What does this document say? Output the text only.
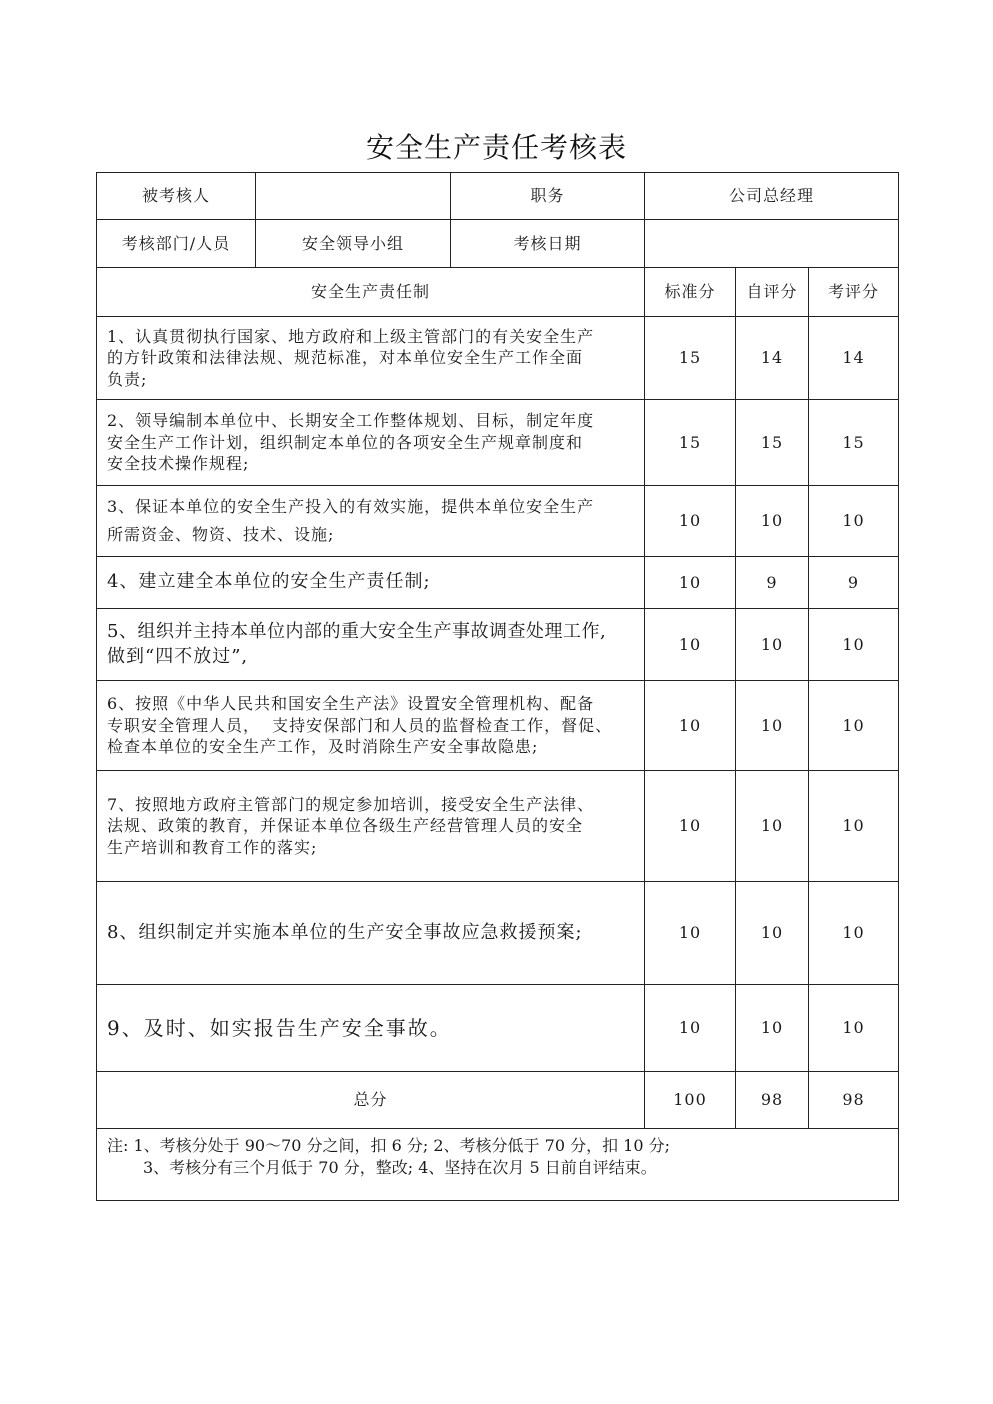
安全生产责任考核表
被考核人		职务	公司总经理		
考核部门/人员	安全领导小组	考核日期			
安全生产责任制			标准分	自评分	考评分

1、认真贯彻执行国家、地方政府和上级主管部门的有关安全生产
的方针政策和法律法规、规范标准，对本单位安全生产工作全面
负责;			15	14	14

2、领导编制本单位中、长期安全工作整体规划、目标，制定年度
安全生产工作计划，组织制定本单位的各项安全生产规章制度和
安全技术操作规程;			15	15	15

3、保证本单位的安全生产投入的有效实施，提供本单位安全生产
所需资金、物资、技术、设施;			10	10	10

4、建立建全本单位的安全生产责任制;			10	9	9

5、组织并主持本单位内部的重大安全生产事故调查处理工作,
做到“四不放过”,			10	10	10

6、按照《中华人民共和国安全生产法》设置安全管理机构、配备
专职安全管理人员，  支持安保部门和人员的监督检查工作，督促、
检查本单位的安全生产工作，及时消除生产安全事故隐患;			10	10	10

7、按照地方政府主管部门的规定参加培训，接受安全生产法律、
法规、政策的教育，并保证本单位各级生产经营管理人员的安全
生产培训和教育工作的落实;			10	10	10

8、组织制定并实施本单位的生产安全事故应急救援预案;			10	10	10

9、及时、如实报告生产安全事故。			10	10	10
总分			100	98	98

注: 1、考核分处于 90～70 分之间，扣 6 分; 2、考核分低于 70 分，扣 10 分;
3、考核分有三个月低于 70 分，整改; 4、坚持在次月 5 日前自评结束。					
